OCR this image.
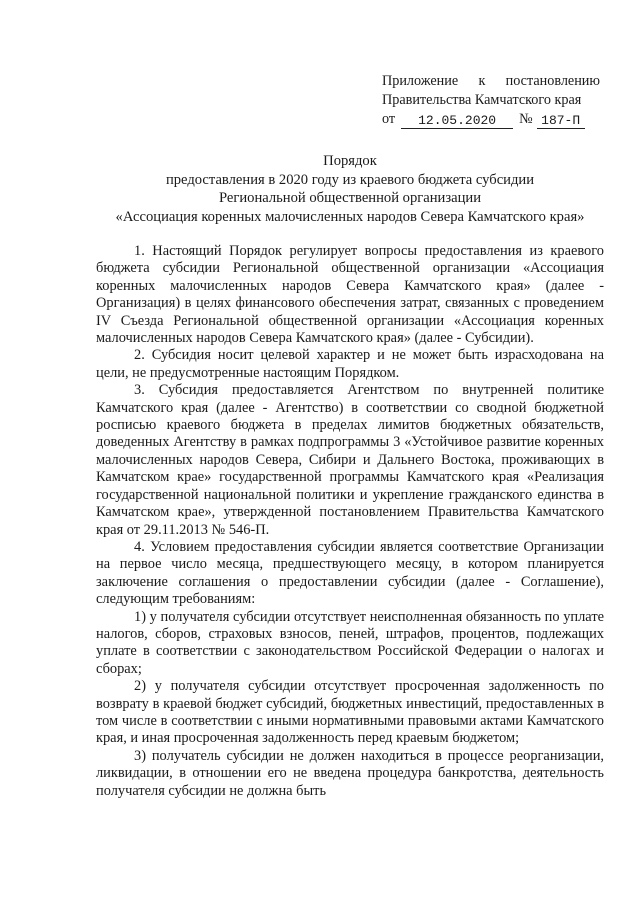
Приложение к постановлению
Правительства Камчатского края
от	12.05.2020	№ 187-П
Порядок
предоставления в 2020 году из краевого бюджета субсидии
Региональной общественной организации
«Ассоциация коренных малочисленных народов Севера Камчатского края»

1. Настоящий Порядок регулирует вопросы предоставления из краевого бюджета субсидии Региональной общественной организации «Ассоциация коренных малочисленных народов Севера Камчатского края» (далее - Организация) в целях финансового обеспечения затрат, связанных с проведением IV Съезда Региональной общественной организации «Ассоциация коренных малочисленных народов Севера Камчатского края» (далее - Субсидии).

2. Субсидия носит целевой характер и не может быть израсходована на цели, не предусмотренные настоящим Порядком.

3. Субсидия предоставляется Агентством по внутренней политике Камчатского края (далее - Агентство) в соответствии со сводной бюджетной росписью краевого бюджета в пределах лимитов бюджетных обязательств, доведенных Агентству в рамках подпрограммы 3 «Устойчивое развитие коренных малочисленных народов Севера, Сибири и Дальнего Востока, проживающих в Камчатском крае» государственной программы Камчатского края «Реализация государственной национальной политики и укрепление гражданского единства в Камчатском крае», утвержденной постановлением Правительства Камчатского края от 29.11.2013 № 546-П.

4. Условием предоставления субсидии является соответствие Организации на первое число месяца, предшествующего месяцу, в котором планируется заключение соглашения о предоставлении субсидии (далее - Соглашение), следующим требованиям:

1) у получателя субсидии отсутствует неисполненная обязанность по уплате налогов, сборов, страховых взносов, пеней, штрафов, процентов, подлежащих уплате в соответствии с законодательством Российской Федерации о налогах и сборах;

2) у получателя субсидии отсутствует просроченная задолженность по возврату в краевой бюджет субсидий, бюджетных инвестиций, предоставленных в том числе в соответствии с иными нормативными правовыми актами Камчатского края, и иная просроченная задолженность перед краевым бюджетом;

3) получатель субсидии не должен находиться в процессе реорганизации, ликвидации, в отношении его не введена процедура банкротства, деятельность получателя субсидии не должна быть
